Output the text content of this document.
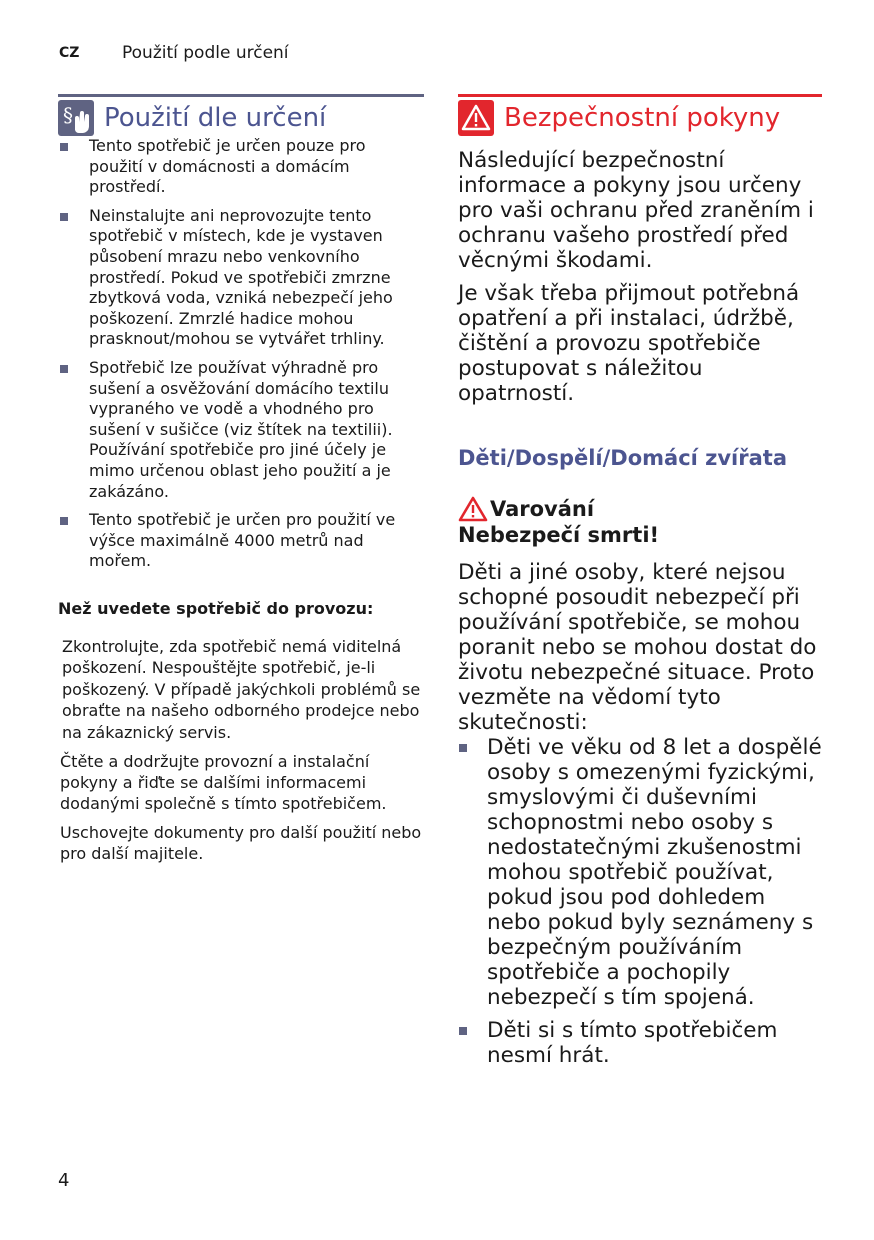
CZ	Použití podle určení
§ Použití dle určení
Tento spotřebič je určen pouze pro použití v domácnosti a domácím prostředí.
Neinstalujte ani neprovozujte tento spotřebič v místech, kde je vystaven působení mrazu nebo venkovního prostředí. Pokud ve spotřebiči zmrzne zbytková voda, vzniká nebezpečí jeho poškození. Zmrzlé hadice mohou prasknout/mohou se vytvářet trhliny.
Spotřebič lze používat výhradně pro sušení a osvěžování domácího textilu vypraného ve vodě a vhodného pro sušení v sušičce (viz štítek na textilii). Používání spotřebiče pro jiné účely je mimo určenou oblast jeho použití a je zakázáno.
Tento spotřebič je určen pro použití ve výšce maximálně 4000 metrů nad mořem.
Než uvedete spotřebič do provozu:
Zkontrolujte, zda spotřebič nemá viditelná poškození. Nespouštějte spotřebič, je-li poškozený. V případě jakýchkoli problémů se obraťte na našeho odborného prodejce nebo na zákaznický servis.
Čtěte a dodržujte provozní a instalační pokyny a řiďte se dalšími informacemi dodanými společně s tímto spotřebičem.
Uschovejte dokumenty pro další použití nebo pro další majitele.
Bezpečnostní pokyny

Následující bezpečnostní informace a pokyny jsou určeny pro vaši ochranu před zraněním i ochranu vašeho prostředí před věcnými škodami.

Je však třeba přijmout potřebná opatření a při instalaci, údržbě, čištění a provozu spotřebiče postupovat s náležitou opatrností.

Děti/Dospělí/Domácí zvířata
Varování
Nebezpečí smrti!

Děti a jiné osoby, které nejsou schopné posoudit nebezpečí při používání spotřebiče, se mohou poranit nebo se mohou dostat do životu nebezpečné situace. Proto vezměte na vědomí tyto skutečnosti:

Děti ve věku od 8 let a dospělé osoby s omezenými fyzickými, smyslovými či duševními schopnostmi nebo osoby s nedostatečnými zkušenostmi mohou spotřebič používat, pokud jsou pod dohledem nebo pokud byly seznámeny s bezpečným používáním spotřebiče a pochopily nebezpečí s tím spojená.
Děti si s tímto spotřebičem nesmí hrát.
4
